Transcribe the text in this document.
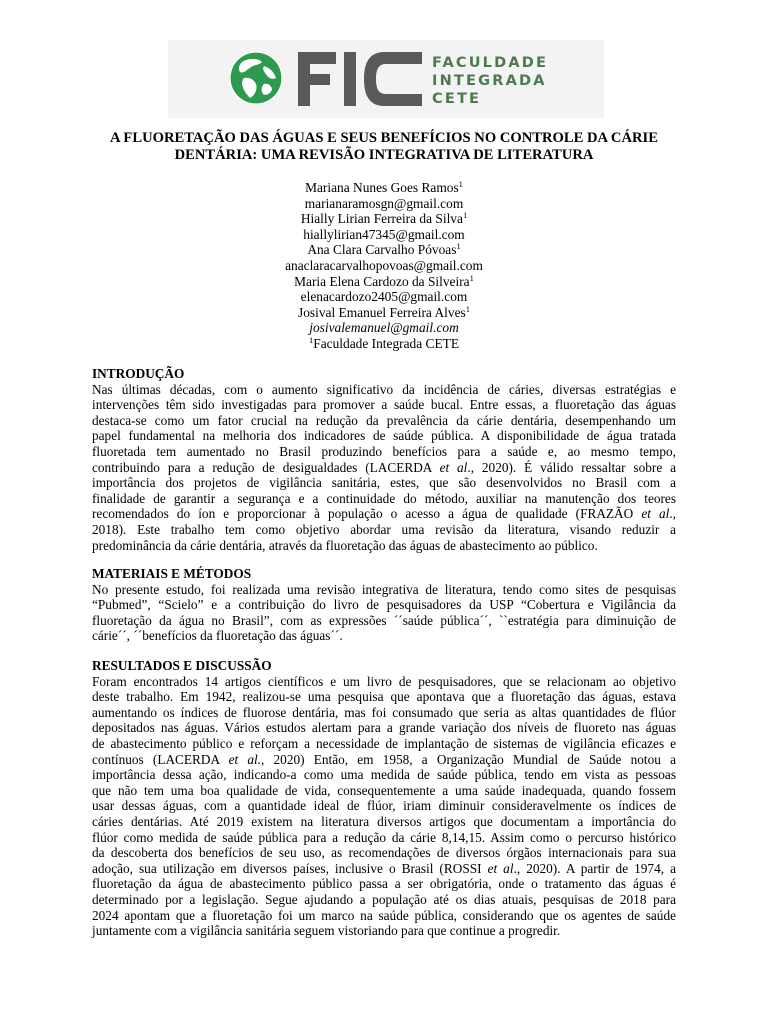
FACULDADE
INTEGRADA
CETE
A FLUORETAÇÃO DAS ÁGUAS E SEUS BENEFÍCIOS NO CONTROLE DA CÁRIE
DENTÁRIA: UMA REVISÃO INTEGRATIVA DE LITERATURA
Mariana Nunes Goes Ramos$^1$
marianaramosgn@gmail.com
Hially Lirian Ferreira da Silva$^1$
hiallylirian47345@gmail.com
Ana Clara Carvalho Póvoas$^1$
anaclaracarvalhopovoas@gmail.com
Maria Elena Cardozo da Silveira$^1$
elenacardozo2405@gmail.com
Josival Emanuel Ferreira Alves$^1$
josivalemanuel@gmail.com
$^1$Faculdade Integrada CETE
INTRODUÇÃO
Nas últimas décadas, com o aumento significativo da incidência de cáries, diversas estratégias e
intervenções têm sido investigadas para promover a saúde bucal. Entre essas, a fluoretação das águas
destaca-se como um fator crucial na redução da prevalência da cárie dentária, desempenhando um
papel fundamental na melhoria dos indicadores de saúde pública. A disponibilidade de água tratada
fluoretada tem aumentado no Brasil produzindo benefícios para a saúde e, ao mesmo tempo,
contribuindo para a redução de desigualdades (LACERDA et al., 2020). É válido ressaltar sobre a
importância dos projetos de vigilância sanitária, estes, que são desenvolvidos no Brasil com a
finalidade de garantir a segurança e a continuidade do método, auxiliar na manutenção dos teores
recomendados do íon e proporcionar à população o acesso a água de qualidade (FRAZÃO et al.,
2018). Este trabalho tem como objetivo abordar uma revisão da literatura, visando reduzir a
predominância da cárie dentária, através da fluoretação das águas de abastecimento ao público.
MATERIAIS E MÉTODOS
No presente estudo, foi realizada uma revisão integrativa de literatura, tendo como sites de pesquisas
“Pubmed”, “Scielo” e a contribuição do livro de pesquisadores da USP “Cobertura e Vigilância da
fluoretação da água no Brasil”, com as expressões ´´saúde pública´´, ``estratégia para diminuição de
cárie´´, ´´benefícios da fluoretação das águas´´.
RESULTADOS E DISCUSSÃO
Foram encontrados 14 artigos científicos e um livro de pesquisadores, que se relacionam ao objetivo
deste trabalho. Em 1942, realizou-se uma pesquisa que apontava que a fluoretação das águas, estava
aumentando os índices de fluorose dentária, mas foi consumado que seria as altas quantidades de flúor
depositados nas águas. Vários estudos alertam para a grande variação dos níveis de fluoreto nas águas
de abastecimento público e reforçam a necessidade de implantação de sistemas de vigilância eficazes e
contínuos (LACERDA et al., 2020) Então, em 1958, a Organização Mundial de Saúde notou a
importância dessa ação, indicando-a como uma medida de saúde pública, tendo em vista as pessoas
que não tem uma boa qualidade de vida, consequentemente a uma saúde inadequada, quando fossem
usar dessas águas, com a quantidade ideal de flúor, iriam diminuir consideravelmente os índices de
cáries dentárias. Até 2019 existem na literatura diversos artigos que documentam a importância do
flúor como medida de saúde pública para a redução da cárie 8,14,15. Assim como o percurso histórico
da descoberta dos benefícios de seu uso, as recomendações de diversos órgãos internacionais para sua
adoção, sua utilização em diversos países, inclusive o Brasil (ROSSI et al., 2020). A partir de 1974, a
fluoretação da água de abastecimento público passa a ser obrigatória, onde o tratamento das águas é
determinado por a legislação. Segue ajudando a população até os dias atuais, pesquisas de 2018 para
2024 apontam que a fluoretação foi um marco na saúde pública, considerando que os agentes de saúde
juntamente com a vigilância sanitária seguem vistoriando para que continue a progredir.
